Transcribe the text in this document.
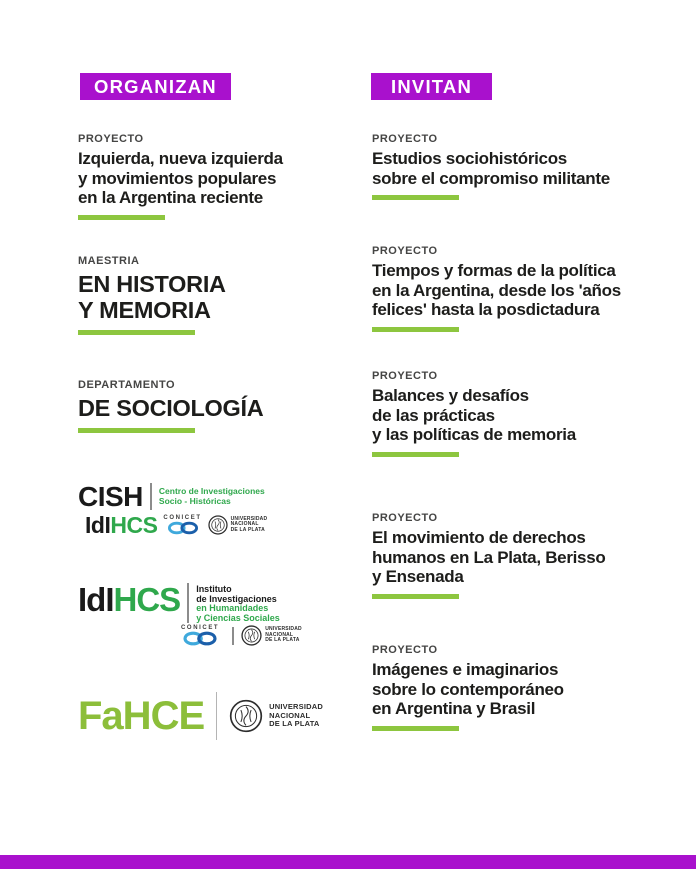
ORGANIZAN	INVITAN
PROYECTO
Izquierda, nueva izquierda
y movimientos populares
en la Argentina reciente
MAESTRIA
EN HISTORIA
Y MEMORIA
DEPARTAMENTO
DE SOCIOLOGÍA
CISH Centro de Investigaciones
Socio - Históricas
IdIHCS CONICET	UNIVERSIDAD
NACIONAL
DE LA PLATA
IdIHCS Instituto
de Investigaciones
en Humanidades
y Ciencias Sociales
CONICET	UNIVERSIDAD
NACIONAL
DE LA PLATA
FaHCE	UNIVERSIDAD
NACIONAL
DE LA PLATA
PROYECTO
Estudios sociohistóricos
sobre el compromiso militante
PROYECTO
Tiempos y formas de la política
en la Argentina, desde los 'años
felices' hasta la posdictadura
PROYECTO
Balances y desafíos
de las prácticas
y las políticas de memoria
PROYECTO
El movimiento de derechos
humanos en La Plata, Berisso
y Ensenada
PROYECTO
Imágenes e imaginarios
sobre lo contemporáneo
en Argentina y Brasil
